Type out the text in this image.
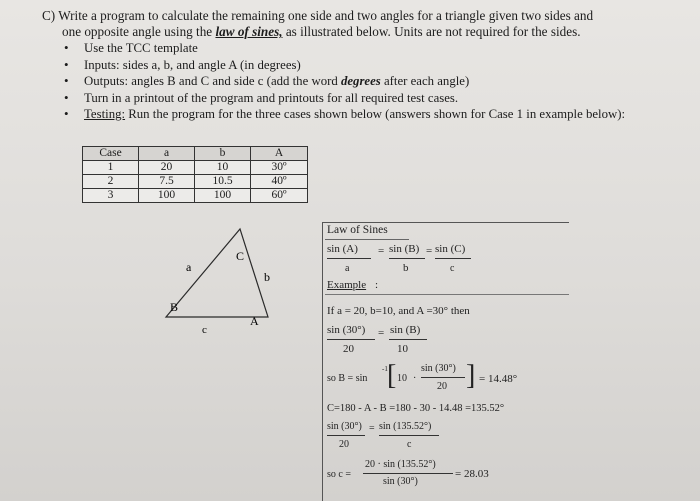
C) Write a program to calculate the remaining one side and two angles for a triangle given two sides and
one opposite angle using the law of sines, as illustrated below. Units are not required for the sides.
• Use the TCC template
• Inputs: sides a, b, and angle A (in degrees)
• Outputs: angles B and C and side c (add the word degrees after each angle)
• Turn in a printout of the program and printouts for all required test cases.
• Testing: Run the program for the three cases shown below (answers shown for Case 1 in example below):
Case	a	b	A
1	20	10	30º
2	7.5	10.5	40º
3	100	100	60º
a
b
c
C
B
A
Law of Sines
sin (A) = sin (B) = sin (C)
a	b	c
Example :
If a = 20, b=10, and A =30° then
sin (30°) = sin (B)
20	10
so B = sin
-1 [ 10 ·
sin (30°)
20 ] = 14.48°
C=180 - A - B =180 - 30 - 14.48 =135.52°
sin (30°) = sin (135.52°)
20	c
so c =
20 · sin (135.52°)
sin (30°)
= 28.03
